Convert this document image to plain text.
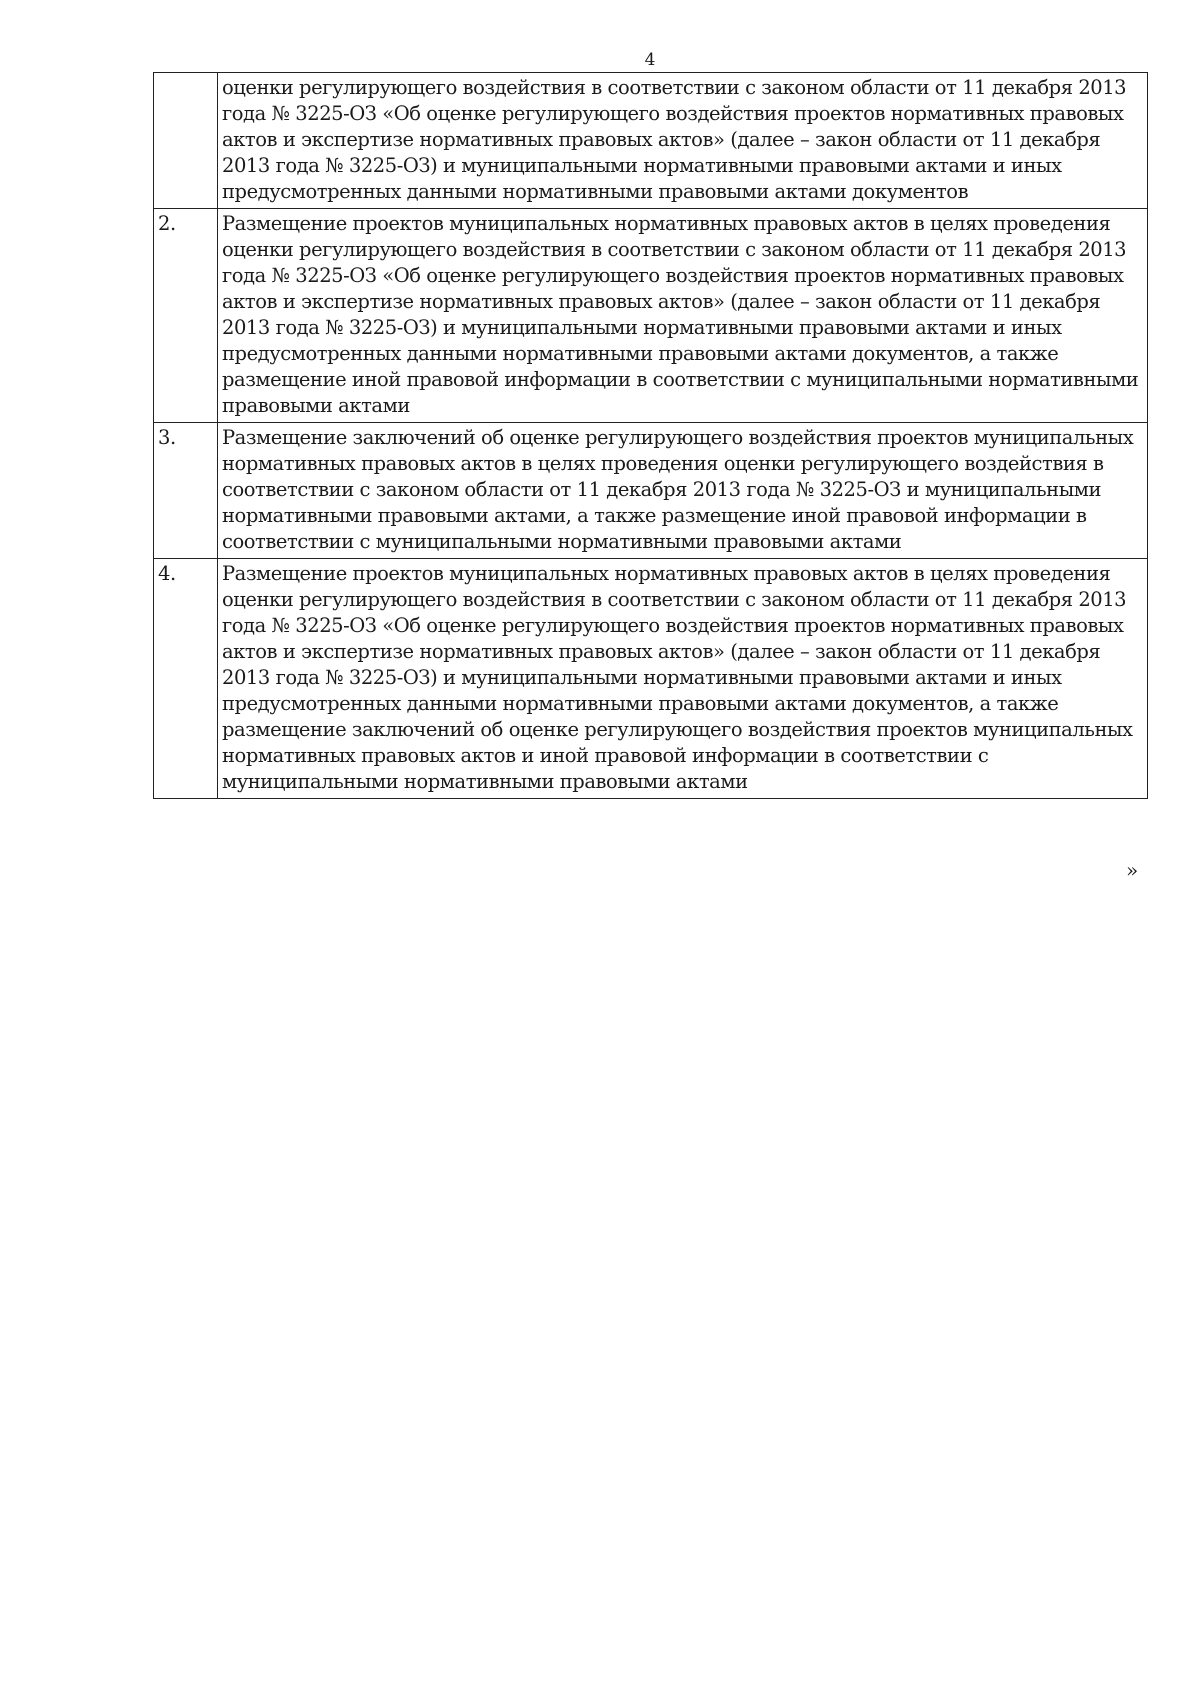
4
	оценки регулирующего воздействия в соответствии с законом области от 11 декабря 2013 года № 3225-ОЗ «Об оценке регулирующего воздействия проектов нормативных правовых актов и экспертизе нормативных правовых актов» (далее – закон области от 11 декабря 2013 года № 3225-ОЗ) и муниципальными нормативными правовыми актами и иных предусмотренных данными нормативными правовыми актами документов
2.	Размещение проектов муниципальных нормативных правовых актов в целях проведения оценки регулирующего воздействия в соответствии с законом области от 11 декабря 2013 года № 3225-ОЗ «Об оценке регулирующего воздействия проектов нормативных правовых актов и экспертизе нормативных правовых актов» (далее – закон области от 11 декабря 2013 года № 3225-ОЗ) и муниципальными нормативными правовыми актами и иных предусмотренных данными нормативными правовыми актами документов, а также размещение иной правовой информации в соответствии с муниципальными нормативными правовыми актами
3.	Размещение заключений об оценке регулирующего воздействия проектов муниципальных нормативных правовых актов в целях проведения оценки регулирующего воздействия в соответствии с законом области от 11 декабря 2013 года № 3225-ОЗ и муниципальными нормативными правовыми актами, а также размещение иной правовой информации в соответствии с муниципальными нормативными правовыми актами
4.	Размещение проектов муниципальных нормативных правовых актов в целях проведения оценки регулирующего воздействия в соответствии с законом области от 11 декабря 2013 года № 3225-ОЗ «Об оценке регулирующего воздействия проектов нормативных правовых актов и экспертизе нормативных правовых актов» (далее – закон области от 11 декабря 2013 года № 3225-ОЗ) и муниципальными нормативными правовыми актами и иных предусмотренных данными нормативными правовыми актами документов, а также размещение заключений об оценке регулирующего воздействия проектов муниципальных нормативных правовых актов и иной правовой информации в соответствии с муниципальными нормативными правовыми актами
»
